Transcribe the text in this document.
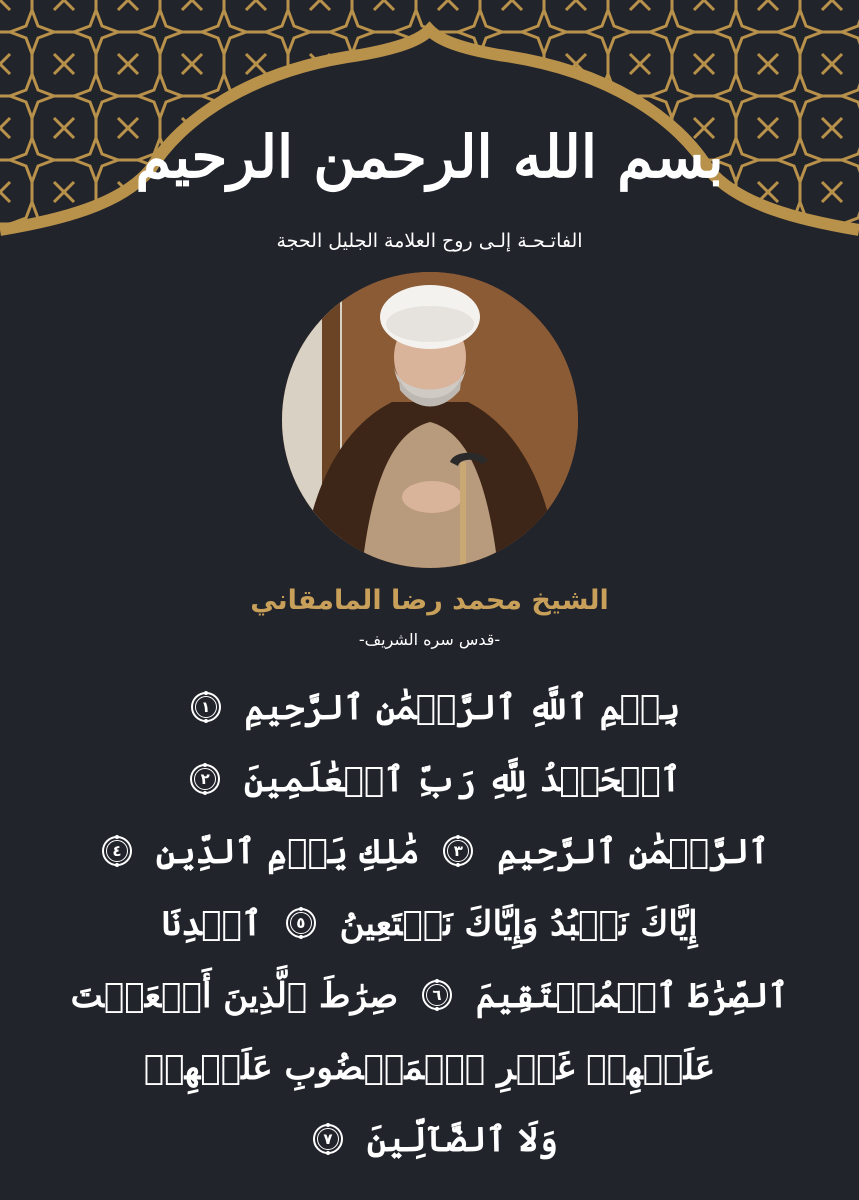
بسم الله الرحمن الرحيم
الفاتـحـة إلـى روح العلامة الجليل الحجة
الشيخ محمد رضا المامقاني
-قدس سره الشريف-
بِسۡمِ ٱللَّهِ ٱلرَّحۡمَٰنِ ٱلرَّحِيمِ
١
ٱلۡحَمۡدُ لِلَّهِ رَبِّ ٱلۡعَٰلَمِينَ
٢
ٱلرَّحۡمَٰنِ ٱلرَّحِيمِ
٣
مَٰلِكِ يَوۡمِ ٱلدِّينِ
٤
إِيَّاكَ نَعۡبُدُ وَإِيَّاكَ نَسۡتَعِينُ
٥
ٱهۡدِنَا
ٱلصِّرَٰطَ ٱلۡمُسۡتَقِيمَ
٦
صِرَٰطَ ٱلَّذِينَ أَنۡعَمۡتَ
عَلَيۡهِمۡ غَيۡرِ ٱلۡمَغۡضُوبِ عَلَيۡهِمۡ
وَلَا ٱلضَّآلِّينَ
٧
